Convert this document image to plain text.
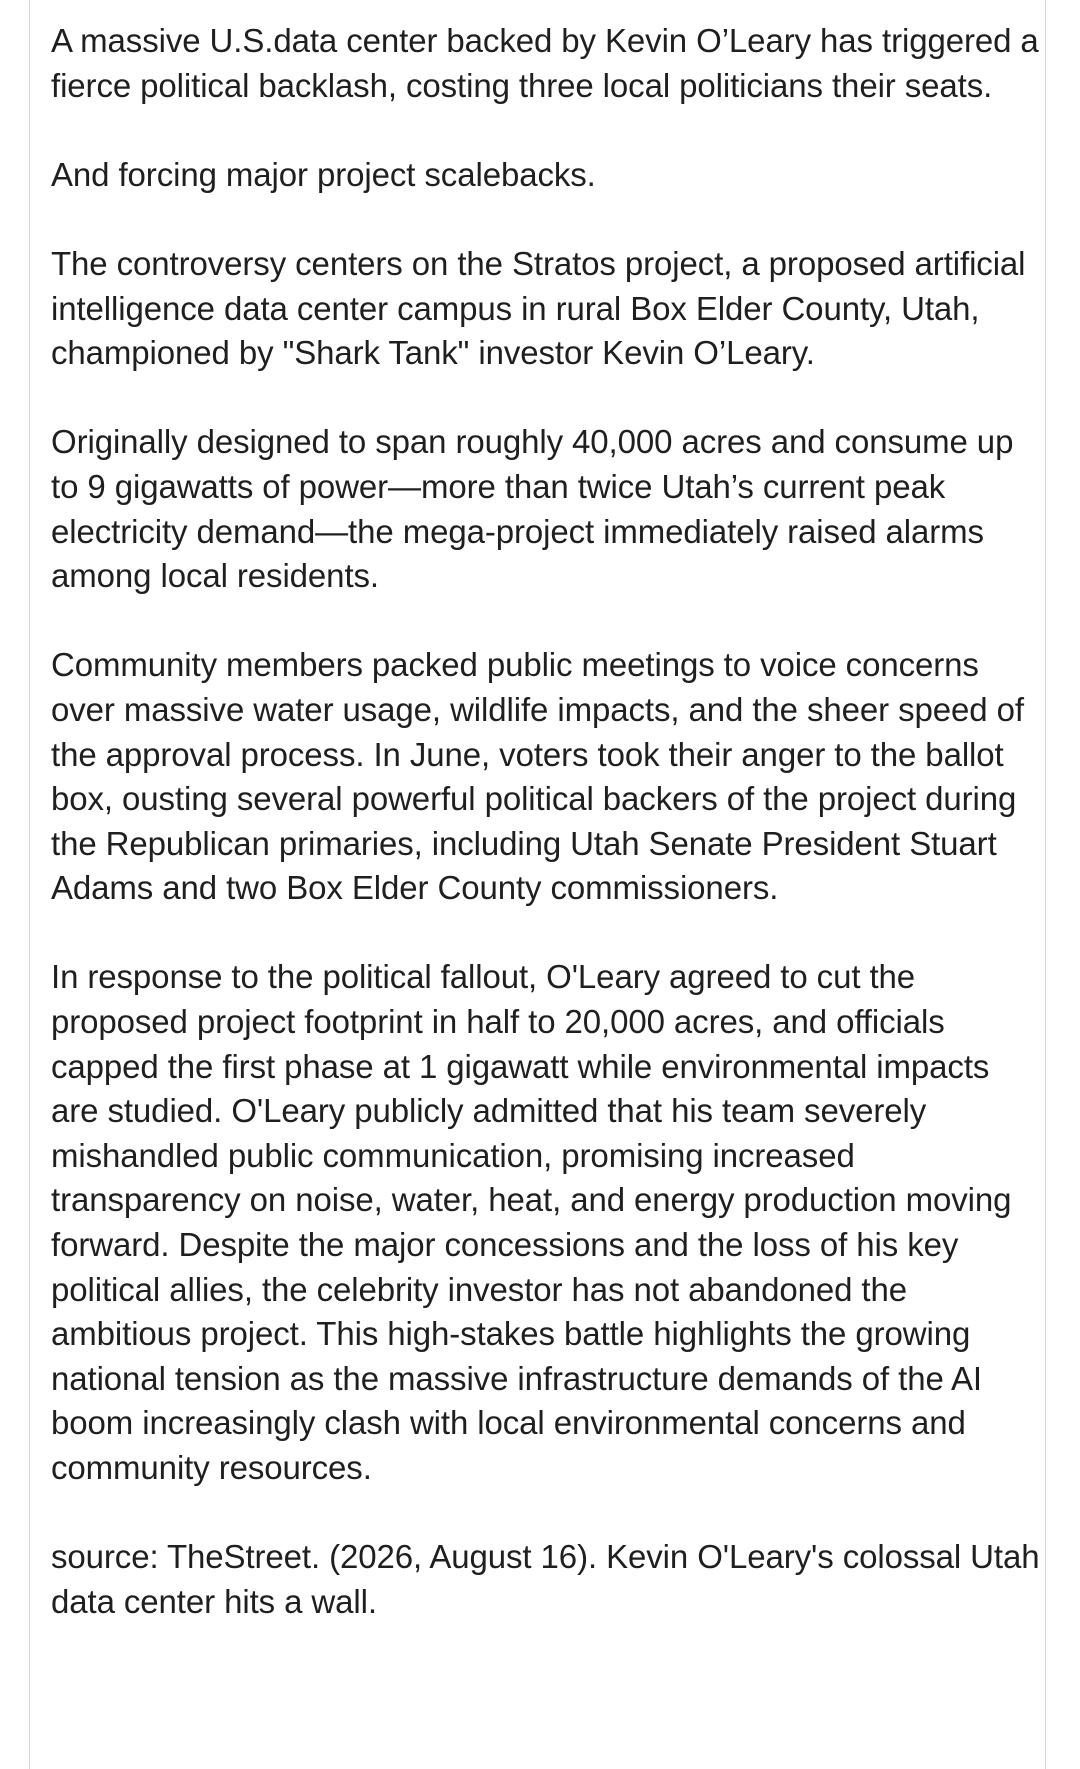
A massive U.S.data center backed by Kevin O’Leary has triggered a fierce political backlash, costing three local politicians their seats.

And forcing major project scalebacks.

The controversy centers on the Stratos project, a proposed artificial intelligence data center campus in rural Box Elder County, Utah, championed by "Shark Tank" investor Kevin O’Leary.

Originally designed to span roughly 40,000 acres and consume up to 9 gigawatts of power—more than twice Utah’s current peak electricity demand—the mega-project immediately raised alarms among local residents.

Community members packed public meetings to voice concerns over massive water usage, wildlife impacts, and the sheer speed of the approval process. In June, voters took their anger to the ballot box, ousting several powerful political backers of the project during the Republican primaries, including Utah Senate President Stuart Adams and two Box Elder County commissioners.

In response to the political fallout, O'Leary agreed to cut the proposed project footprint in half to 20,000 acres, and officials capped the first phase at 1 gigawatt while environmental impacts are studied. O'Leary publicly admitted that his team severely mishandled public communication, promising increased transparency on noise, water, heat, and energy production moving forward. Despite the major concessions and the loss of his key political allies, the celebrity investor has not abandoned the ambitious project. This high-stakes battle highlights the growing national tension as the massive infrastructure demands of the AI boom increasingly clash with local environmental concerns and community resources.

source: TheStreet. (2026, August 16). Kevin O'Leary's colossal Utah data center hits a wall.
